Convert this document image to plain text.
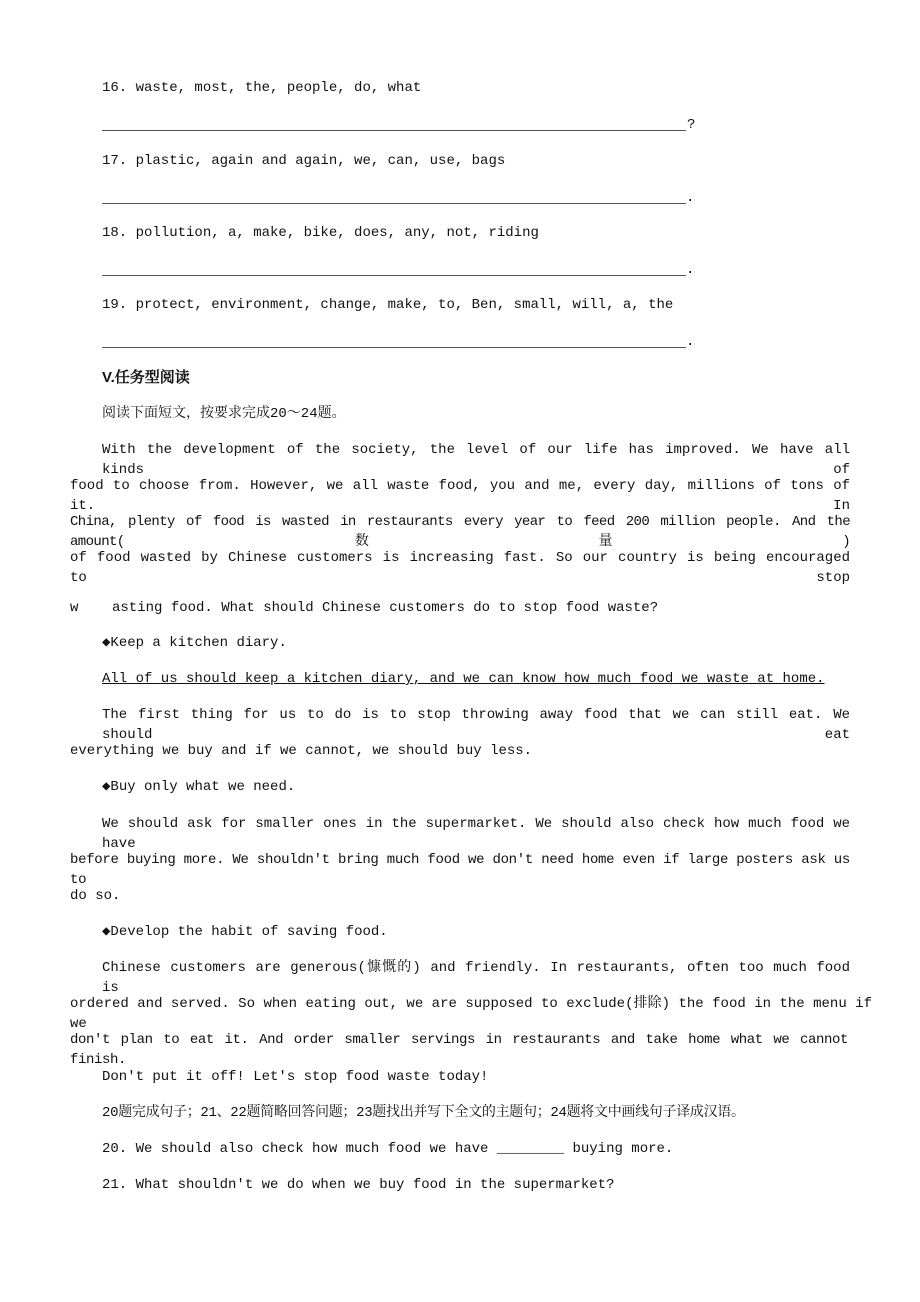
16. waste, most, the, people, do, what
?
17. plastic, again and again, we, can, use, bags
.
18. pollution, a, make, bike, does, any, not, riding
.
19. protect, environment, change, make, to, Ben, small, will, a, the
.
V.任务型阅读
阅读下面短文，按要求完成20～24题。
With the development of the society, the level of our life has improved. We have all kinds of
food to choose from. However, we all waste food, you and me, every day, millions of tons of it. In
China, plenty of food is wasted in restaurants every year to feed 200 million people. And the amount(数量)
of food wasted by Chinese customers is increasing fast. So our country is being encouraged to stop
w    asting food. What should Chinese customers do to stop food waste?
◆Keep a kitchen diary.
All of us should keep a kitchen diary, and we can know how much food we waste at home.
The first thing for us to do is to stop throwing away food that we can still eat. We should eat
everything we buy and if we cannot, we should buy less.
◆Buy only what we need.
We should ask for smaller ones in the supermarket. We should also check how much food we have
before buying more. We shouldn't bring much food we don't need home even if large posters ask us to
do so.
◆Develop the habit of saving food.
Chinese customers are generous(慷慨的) and friendly. In restaurants, often too much food is
ordered and served. So when eating out, we are supposed to exclude(排除) the food in the menu if we
don't plan to eat it. And order smaller servings in restaurants and take home what we cannot finish.
Don't put it off! Let's stop food waste today!
20题完成句子；21、22题简略回答问题；23题找出并写下全文的主题句；24题将文中画线句子译成汉语。
20. We should also check how much food we have ________ buying more.
21. What shouldn't we do when we buy food in the supermarket?
